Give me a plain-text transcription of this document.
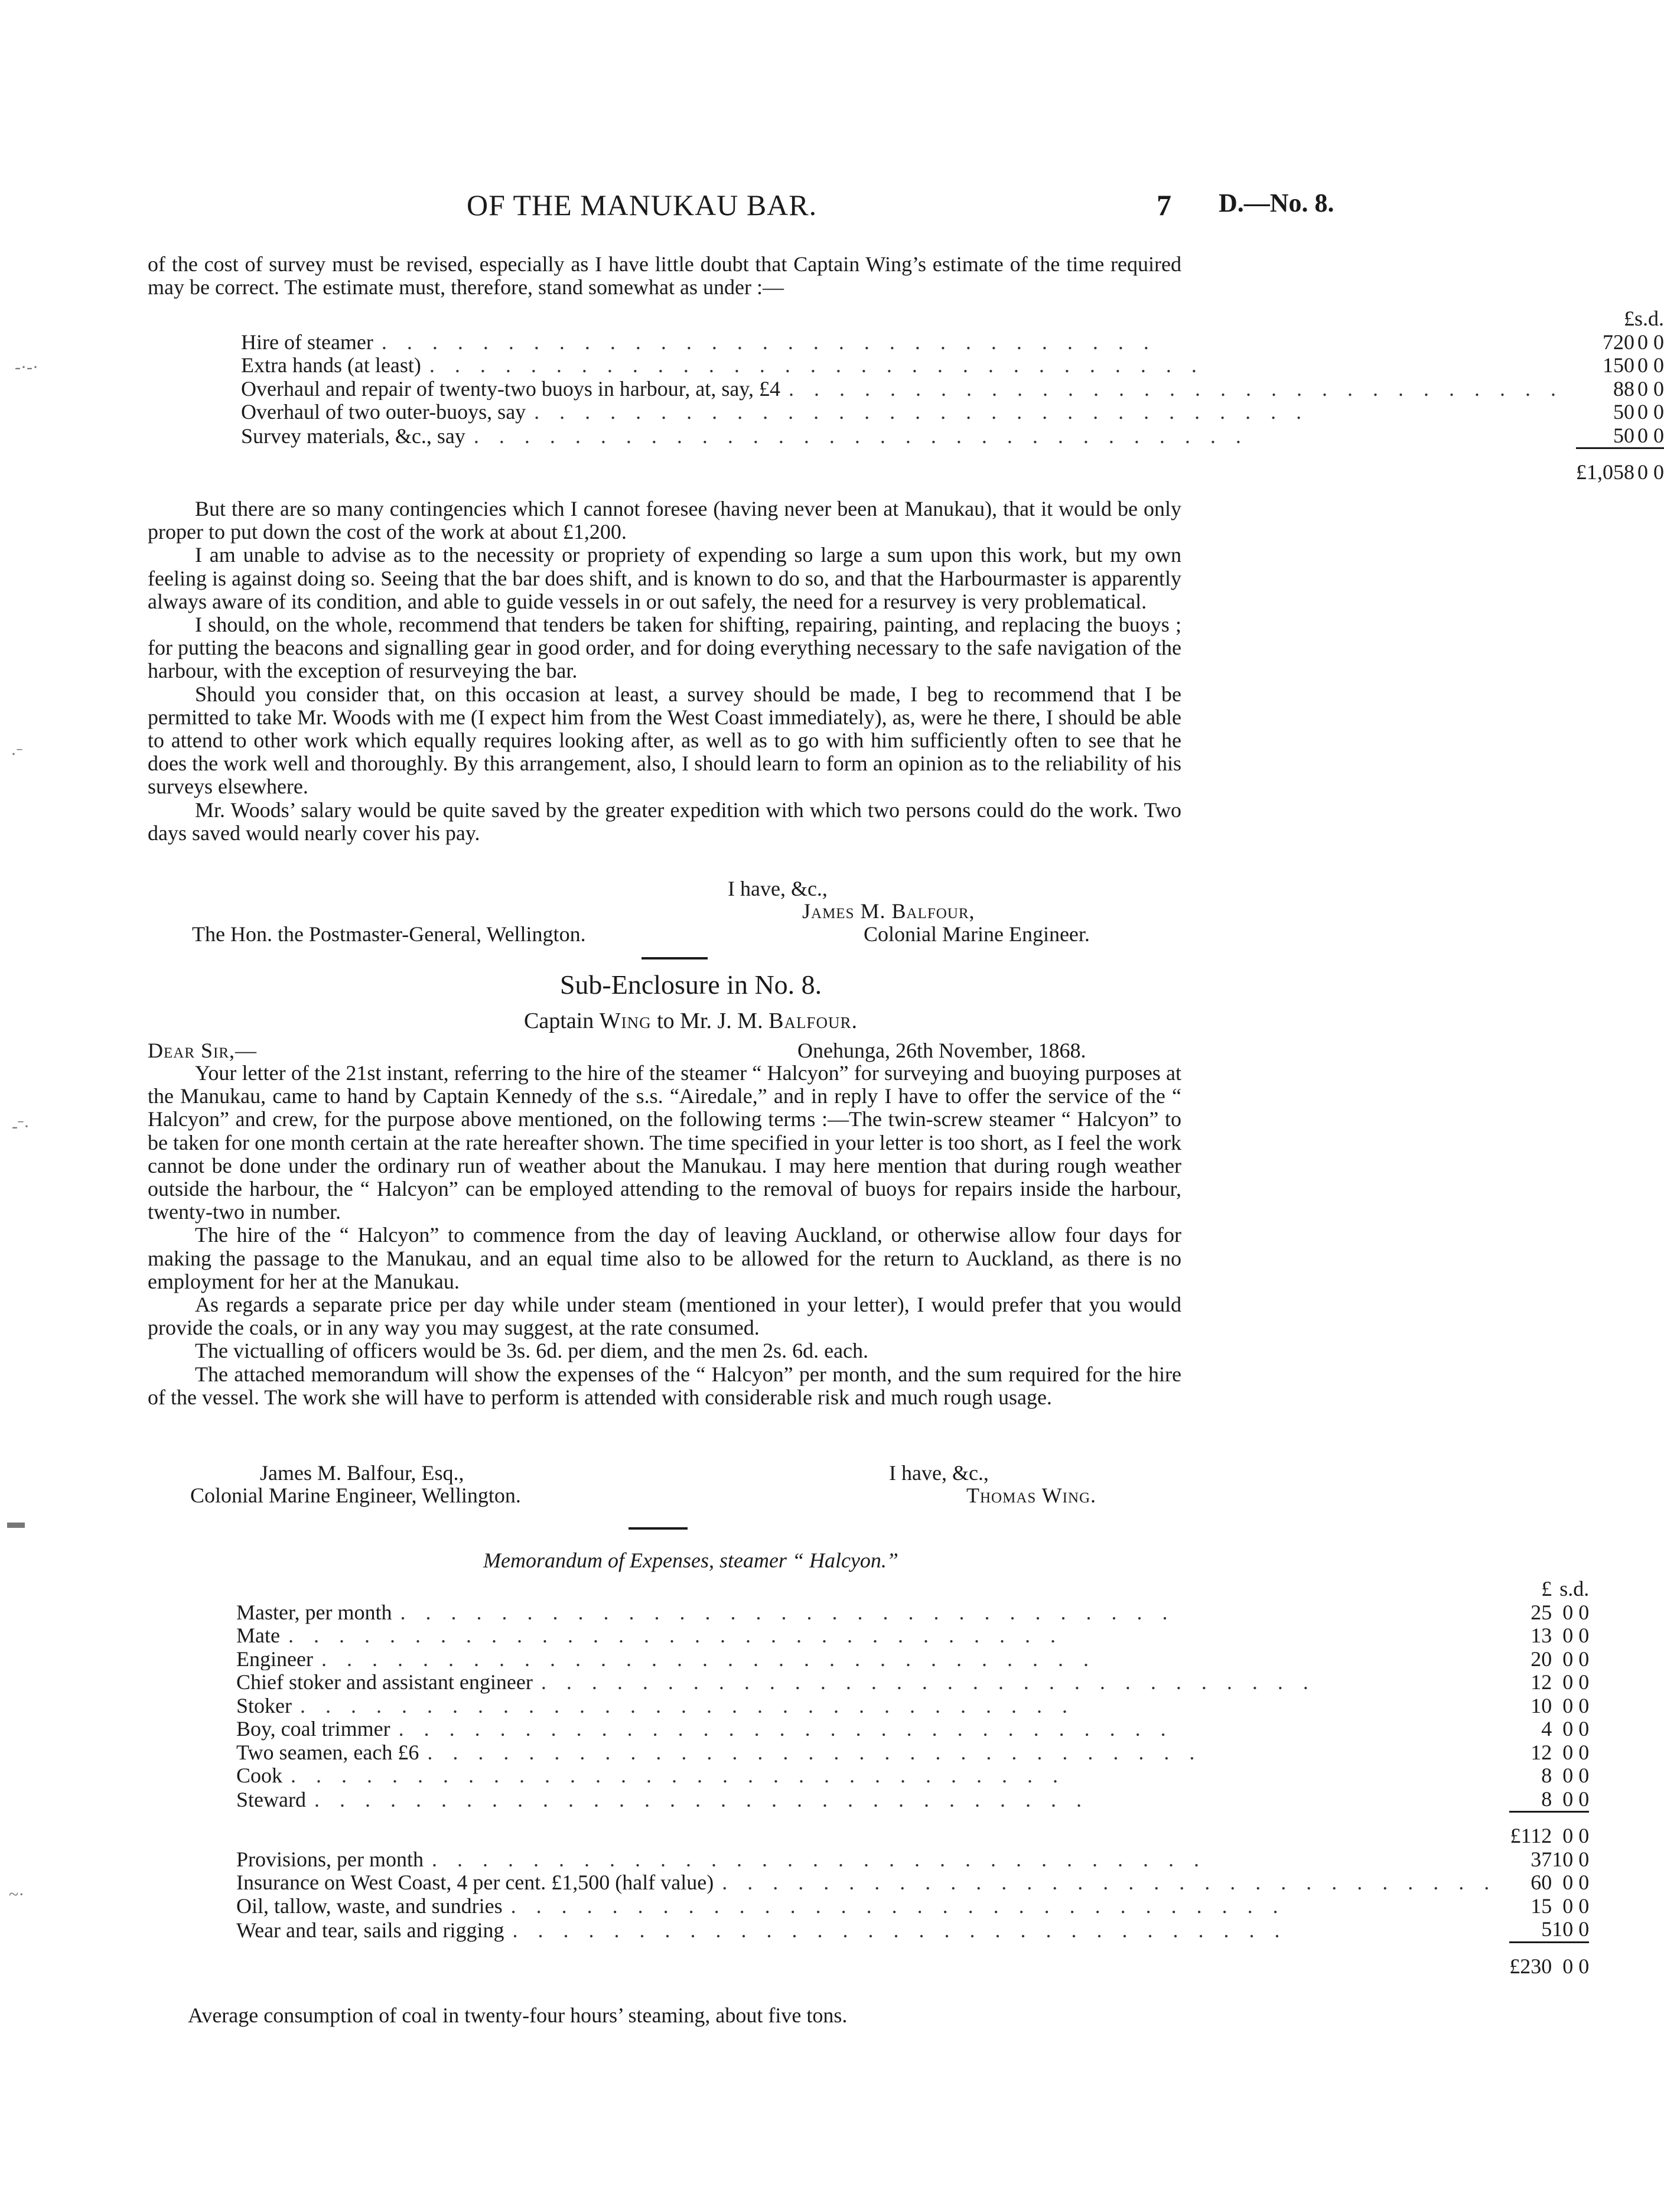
OF THE MANUKAU BAR.	7 D.—No. 8.

of the cost of survey must be revised, especially as I have little doubt that Captain Wing’s estimate of the time required may be correct. The estimate must, therefore, stand somewhat as under :—

	£	s.	d.
Hire of steamer ...............................	720	0	0
Extra hands (at least) ...............................	150	0	0
Overhaul and repair of twenty-two buoys in harbour, at, say, £4 ...............................	88	0	0
Overhaul of two outer-buoys, say ...............................	50	0	0
Survey materials, &c., say ...............................	50	0	0

	£1,058	0	0

But there are so many contingencies which I cannot foresee (having never been at Manukau), that it would be only proper to put down the cost of the work at about £1,200.

I am unable to advise as to the necessity or propriety of expending so large a sum upon this work, but my own feeling is against doing so. Seeing that the bar does shift, and is known to do so, and that the Harbourmaster is apparently always aware of its condition, and able to guide vessels in or out safely, the need for a resurvey is very problematical.

I should, on the whole, recommend that tenders be taken for shifting, repairing, painting, and replacing the buoys ; for putting the beacons and signalling gear in good order, and for doing everything necessary to the safe navigation of the harbour, with the exception of resurveying the bar.

Should you consider that, on this occasion at least, a survey should be made, I beg to recommend that I be permitted to take Mr. Woods with me (I expect him from the West Coast immediately), as, were he there, I should be able to attend to other work which equally requires looking after, as well as to go with him sufficiently often to see that he does the work well and thoroughly. By this arrangement, also, I should learn to form an opinion as to the reliability of his surveys elsewhere.

Mr. Woods’ salary would be quite saved by the greater expedition with which two persons could do the work. Two days saved would nearly cover his pay.

I have, &c.,
James M. Balfour,
The Hon. the Postmaster-General, Wellington.	Colonial Marine Engineer.
Sub-Enclosure in No. 8.
Captain Wing to Mr. J. M. Balfour.
Dear Sir,—	Onehunga, 26th November, 1868.

Your letter of the 21st instant, referring to the hire of the steamer “ Halcyon” for surveying and buoying purposes at the Manukau, came to hand by Captain Kennedy of the s.s. “Airedale,” and in reply I have to offer the service of the “ Halcyon” and crew, for the purpose above mentioned, on the following terms :—The twin-screw steamer “ Halcyon” to be taken for one month certain at the rate hereafter shown. The time specified in your letter is too short, as I feel the work cannot be done under the ordinary run of weather about the Manukau. I may here mention that during rough weather outside the harbour, the “ Halcyon” can be employed attending to the removal of buoys for repairs inside the harbour, twenty-two in number.

The hire of the “ Halcyon” to commence from the day of leaving Auckland, or otherwise allow four days for making the passage to the Manukau, and an equal time also to be allowed for the return to Auckland, as there is no employment for her at the Manukau.

As regards a separate price per day while under steam (mentioned in your letter), I would prefer that you would provide the coals, or in any way you may suggest, at the rate consumed.

The victualling of officers would be 3s. 6d. per diem, and the men 2s. 6d. each.

The attached memorandum will show the expenses of the “ Halcyon” per month, and the sum required for the hire of the vessel. The work she will have to perform is attended with considerable risk and much rough usage.

James M. Balfour, Esq.,	I have, &c.,
Colonial Marine Engineer, Wellington.	Thomas Wing.
Memorandum of Expenses, steamer “ Halcyon.”
	£	s.	d.
Master, per month ...............................	25	0	0
Mate ...............................	13	0	0
Engineer ...............................	20	0	0
Chief stoker and assistant engineer ...............................	12	0	0
Stoker ...............................	10	0	0
Boy, coal trimmer ...............................	4	0	0
Two seamen, each £6 ...............................	12	0	0
Cook ...............................	8	0	0
Steward ...............................	8	0	0

	£112	0	0
Provisions, per month ...............................	37	10	0
Insurance on West Coast, 4 per cent. £1,500 (half value) ...............................	60	0	0
Oil, tallow, waste, and sundries ...............................	15	0	0
Wear and tear, sails and rigging ...............................	5	10	0

	£230	0	0
Average consumption of coal in twenty-four hours’ steaming, about five tons.
-·-·
·ˉ
-ˉ·
▬
~·
